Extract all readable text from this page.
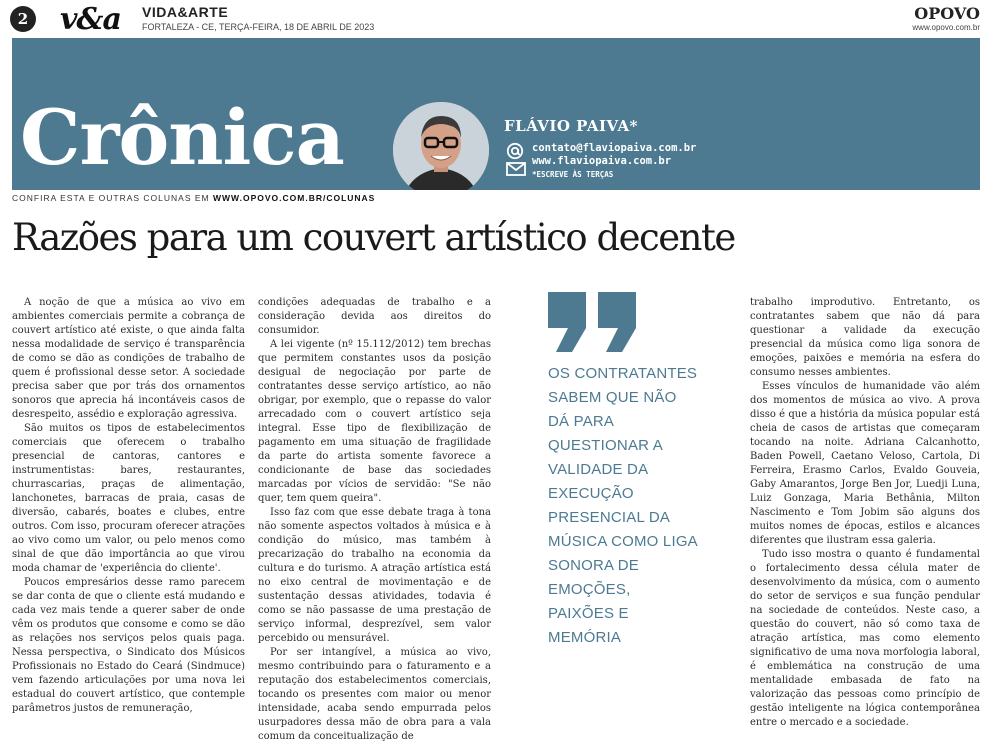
2 v&a VIDA&ARTE
FORTALEZA - CE, TERÇA-FEIRA, 18 DE ABRIL DE 2023
OPOVO
www.opovo.com.br
Crônica	FLÁVIO PAIVA*
contato@flaviopaiva.com.br
www.flaviopaiva.com.br
*ESCREVE ÀS TERÇAS
CONFIRA ESTA E OUTRAS COLUNAS EM WWW.OPOVO.COM.BR/COLUNAS
Razões para um couvert artístico decente

A noção de que a música ao vivo em ambientes comerciais permite a cobrança de couvert artístico até existe, o que ainda falta nessa modalidade de serviço é transparência de como se dão as condições de trabalho de quem é profissional desse setor. A sociedade precisa saber que por trás dos ornamentos sonoros que aprecia há incontáveis casos de desrespeito, assédio e exploração agressiva.

São muitos os tipos de estabelecimentos comerciais que oferecem o trabalho presencial de cantoras, cantores e instrumentistas: bares, restaurantes, churrascarias, praças de alimentação, lanchonetes, barracas de praia, casas de diversão, cabarés, boates e clubes, entre outros. Com isso, procuram oferecer atrações ao vivo como um valor, ou pelo menos como sinal de que dão importância ao que virou moda chamar de 'experiência do cliente'.

Poucos empresários desse ramo parecem se dar conta de que o cliente está mudando e cada vez mais tende a querer saber de onde vêm os produtos que consome e como se dão as relações nos serviços pelos quais paga. Nessa perspectiva, o Sindicato dos Músicos Profissionais no Estado do Ceará (Sindmuce) vem fazendo articulações por uma nova lei estadual do couvert artístico, que contemple parâmetros justos de remuneração,

condições adequadas de trabalho e a consideração devida aos direitos do consumidor.

A lei vigente (nº 15.112/2012) tem brechas que permitem constantes usos da posição desigual de negociação por parte de contratantes desse serviço artístico, ao não obrigar, por exemplo, que o repasse do valor arrecadado com o couvert artístico seja integral. Esse tipo de flexibilização de pagamento em uma situação de fragilidade da parte do artista somente favorece a condicionante de base das sociedades marcadas por vícios de servidão: "Se não quer, tem quem queira".

Isso faz com que esse debate traga à tona não somente aspectos voltados à música e à condição do músico, mas também à precarização do trabalho na economia da cultura e do turismo. A atração artística está no eixo central de movimentação e de sustentação dessas atividades, todavia é como se não passasse de uma prestação de serviço informal, desprezível, sem valor percebido ou mensurável.

Por ser intangível, a música ao vivo, mesmo contribuindo para o faturamento e a reputação dos estabelecimentos comerciais, tocando os presentes com maior ou menor intensidade, acaba sendo empurrada pelos usurpadores dessa mão de obra para a vala comum da conceitualização de

OS CONTRATANTES SABEM QUE NÃO DÁ PARA QUESTIONAR A VALIDADE DA EXECUÇÃO PRESENCIAL DA MÚSICA COMO LIGA SONORA DE EMOÇÕES, PAIXÕES E MEMÓRIA

trabalho improdutivo. Entretanto, os contratantes sabem que não dá para questionar a validade da execução presencial da música como liga sonora de emoções, paixões e memória na esfera do consumo nesses ambientes.

Esses vínculos de humanidade vão além dos momentos de música ao vivo. A prova disso é que a história da música popular está cheia de casos de artistas que começaram tocando na noite. Adriana Calcanhotto, Baden Powell, Caetano Veloso, Cartola, Di Ferreira, Erasmo Carlos, Evaldo Gouveia, Gaby Amarantos, Jorge Ben Jor, Luedji Luna, Luiz Gonzaga, Maria Bethânia, Milton Nascimento e Tom Jobim são alguns dos muitos nomes de épocas, estilos e alcances diferentes que ilustram essa galeria.

Tudo isso mostra o quanto é fundamental o fortalecimento dessa célula mater de desenvolvimento da música, com o aumento do setor de serviços e sua função pendular na sociedade de conteúdos. Neste caso, a questão do couvert, não só como taxa de atração artística, mas como elemento significativo de uma nova morfologia laboral, é emblemática na construção de uma mentalidade embasada de fato na valorização das pessoas como princípio de gestão inteligente na lógica contemporânea entre o mercado e a sociedade.
